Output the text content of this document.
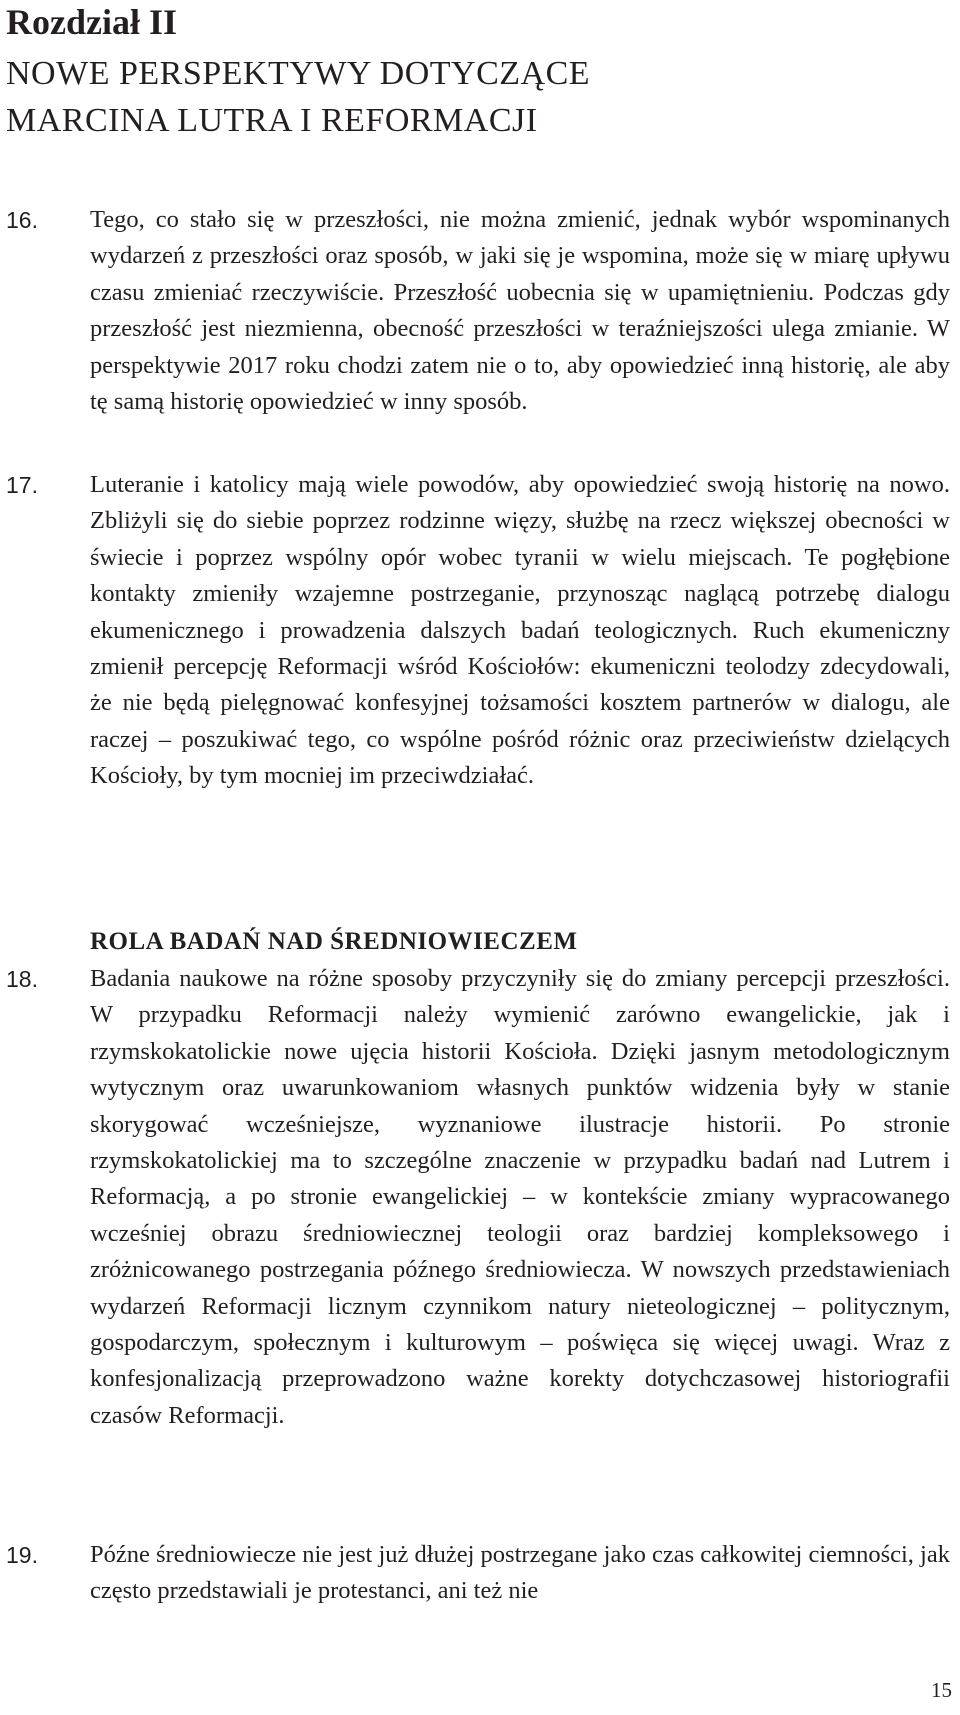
Rozdział II
NOWE PERSPEKTYWY DOTYCZĄCE
MARCINA LUTRA I REFORMACJI
16. Tego, co stało się w przeszłości, nie można zmienić, jednak wybór wspominanych wydarzeń z przeszłości oraz sposób, w jaki się je wspomina, może się w miarę upływu czasu zmieniać rzeczywiście. Przeszłość uobecnia się w upamiętnieniu. Podczas gdy przeszłość jest niezmienna, obecność przeszłości w teraźniejszości ulega zmianie. W perspektywie 2017 roku chodzi zatem nie o to, aby opowiedzieć inną historię, ale aby tę samą historię opowiedzieć w inny sposób.

17. Luteranie i katolicy mają wiele powodów, aby opowiedzieć swoją historię na nowo. Zbliżyli się do siebie poprzez rodzinne więzy, służbę na rzecz większej obecności w świecie i poprzez wspólny opór wobec tyranii w wielu miejscach. Te pogłębione kontakty zmieniły wzajemne postrzeganie, przynosząc naglącą potrzebę dialogu ekumenicznego i prowadzenia dalszych badań teologicznych. Ruch ekumeniczny zmienił percepcję Reformacji wśród Kościołów: ekumeniczni teolodzy zdecydowali, że nie będą pielęgnować konfesyjnej tożsamości kosztem partnerów w dialogu, ale raczej – poszukiwać tego, co wspólne pośród różnic oraz przeciwieństw dzielących Kościoły, by tym mocniej im przeciwdziałać.

ROLA BADAŃ NAD ŚREDNIOWIECZEM
18. Badania naukowe na różne sposoby przyczyniły się do zmiany percepcji przeszłości. W przypadku Reformacji należy wymienić zarówno ewangelickie, jak i rzymskokatolickie nowe ujęcia historii Kościoła. Dzięki jasnym metodologicznym wytycznym oraz uwarunkowaniom własnych punktów widzenia były w stanie skorygować wcześniejsze, wyznaniowe ilustracje historii. Po stronie rzymskokatolickiej ma to szczególne znaczenie w przypadku badań nad Lutrem i Reformacją, a po stronie ewangelickiej – w kontekście zmiany wypracowanego wcześniej obrazu średniowiecznej teologii oraz bardziej kompleksowego i zróżnicowanego postrzegania późnego średniowiecza. W nowszych przedstawieniach wydarzeń Reformacji licznym czynnikom natury nieteologicznej – politycznym, gospodarczym, społecznym i kulturowym – poświęca się więcej uwagi. Wraz z konfesjonalizacją przeprowadzono ważne korekty dotychczasowej historiografii czasów Reformacji.

19. Późne średniowiecze nie jest już dłużej postrzegane jako czas całkowitej ciemności, jak często przedstawiali je protestanci, ani też nie

15
